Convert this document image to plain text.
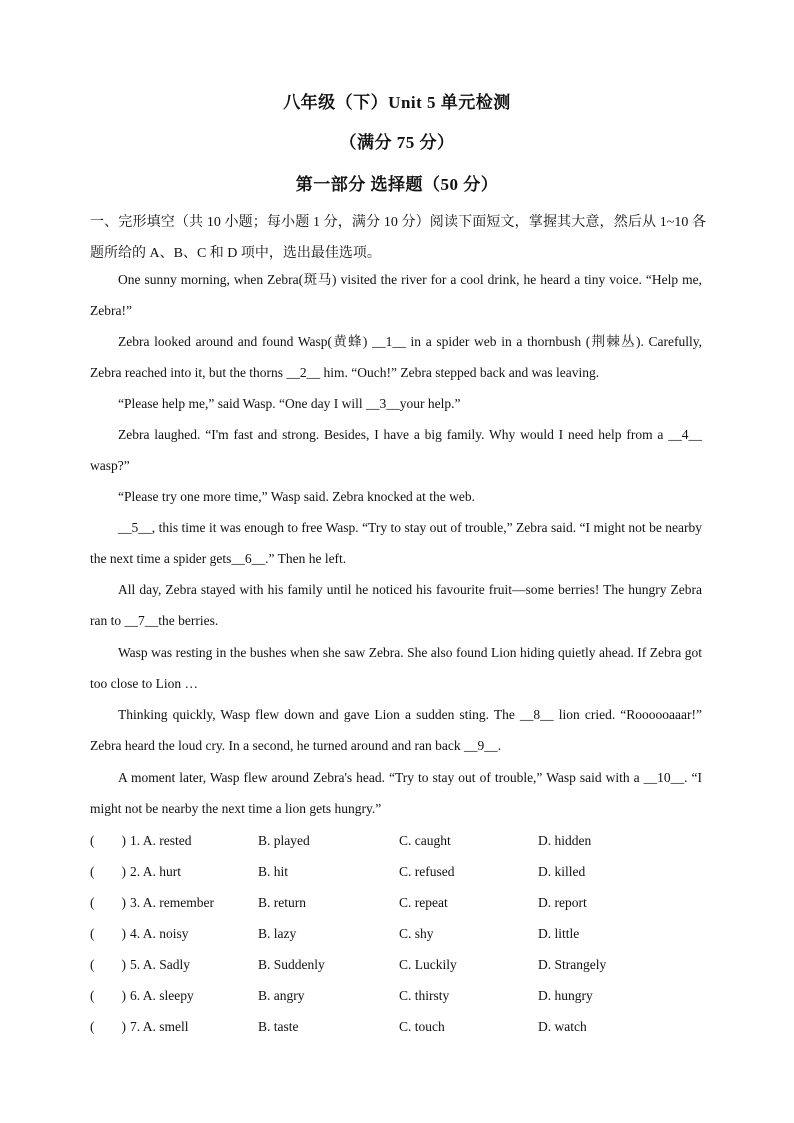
八年级（下）Unit 5 单元检测
（满分 75 分）
第一部分 选择题（50 分）
一、完形填空（共 10 小题；每小题 1 分，满分 10 分）阅读下面短文，掌握其大意，然后从 1~10 各题所给的 A、B、C 和 D 项中，选出最佳选项。
One sunny morning, when Zebra(斑马) visited the river for a cool drink, he heard a tiny voice. “Help me, Zebra!”
Zebra looked around and found Wasp(黄蜂) __1__ in a spider web in a thornbush (荆棘丛). Carefully, Zebra reached into it, but the thorns __2__ him. “Ouch!” Zebra stepped back and was leaving.
“Please help me,” said Wasp. “One day I will __3__your help.”
Zebra laughed. “I'm fast and strong. Besides, I have a big family. Why would I need help from a __4__ wasp?”
“Please try one more time,” Wasp said. Zebra knocked at the web.
__5__, this time it was enough to free Wasp. “Try to stay out of trouble,” Zebra said. “I might not be nearby the next time a spider gets__6__.” Then he left.
All day, Zebra stayed with his family until he noticed his favourite fruit—some berries! The hungry Zebra ran to __7__the berries.
Wasp was resting in the bushes when she saw Zebra. She also found Lion hiding quietly ahead. If Zebra got too close to Lion …
Thinking quickly, Wasp flew down and gave Lion a sudden sting. The __8__ lion cried. “Roooooaaar!” Zebra heard the loud cry. In a second, he turned around and ran back __9__.
A moment later, Wasp flew around Zebra's head. “Try to stay out of trouble,” Wasp said with a __10__. “I might not be nearby the next time a lion gets hungry.”
(　　) 1. A. rested	B. played	C. caught	D. hidden
(　　) 2. A. hurt	B. hit	C. refused	D. killed
(　　) 3. A. remember	B. return	C. repeat	D. report
(　　) 4. A. noisy	B. lazy	C. shy	D. little
(　　) 5. A. Sadly	B. Suddenly	C. Luckily	D. Strangely
(　　) 6. A. sleepy	B. angry	C. thirsty	D. hungry
(　　) 7. A. smell	B. taste	C. touch	D. watch
